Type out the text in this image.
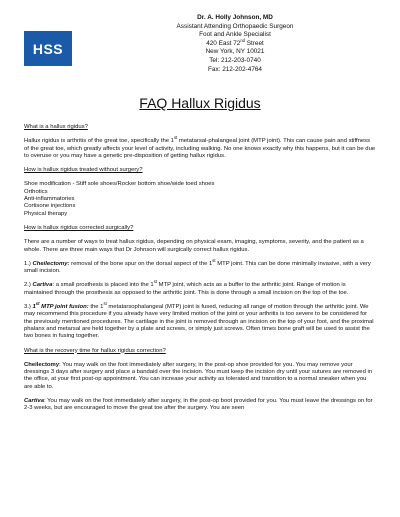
HSS
Dr. A. Holly Johnson, MD
Assistant Attending Orthopaedic Surgeon
Foot and Ankle Specialist
420 East 72nd Street
New York, NY 10021
Tel: 212-203-0740
Fax: 212-202-4764
FAQ Hallux Rigidus
What is a hallux rigidus?
Hallux rigidus is arthritis of the great toe, specifically the 1st metatarsal-phalangeal joint (MTP joint). This can cause pain and stiffness of the great toe, which greatly affects your level of activity, including walking. No one knows exactly why this happens, but it can be due to overuse or you may have a genetic pre-disposition of getting hallux rigidus.
How is hallux rigidus treated without surgery?
Shoe modification - Stiff sole shoes/Rocker bottom shoe/wide toed shoes
Orthotics
Anti-inflammatories
Cortisone injections
Physical therapy
How is hallux rigidus corrected surgically?
There are a number of ways to treat hallux rigidus, depending on physical exam, imaging, symptoms, severity, and the patient as a whole. There are three main ways that Dr Johnson will surgically correct hallux rigidus.
1.) Cheilectomy: removal of the bone spur on the dorsal aspect of the 1st MTP joint. This can be done minimally invasive, with a very small incision.
2.) Cartiva: a small prosthesis is placed into the 1st MTP joint, which acts as a buffer to the arthritic joint. Range of motion is maintained through the prosthesis as opposed to the arthritic joint. This is done through a small incision on the top of the toe.
3.) 1st MTP joint fusion: the 1st metatarsophalangeal (MTP) joint is fused, reducing all range of motion through the arthritic joint. We may recommend this procedure if you already have very limited motion of the joint or your arthritis is too severe to be considered for the previously mentioned procedures. The cartilage in the joint is removed through an incision on the top of your foot, and the proximal phalanx and metarsal are held together by a plate and screws, or simply just screws. Often times bone graft will be used to assist the two bones in fusing together.
What is the recovery time for hallux rigidus correction?
Cheilectomy: You may walk on the foot immediately after surgery, in the post-op shoe provided for you. You may remove your dressings 3 days after surgery and place a bandaid over the incision. You must keep the incision dry until your sutures are removed in the office, at your first post-op appointment. You can increase your activity as tolerated and transition to a normal sneaker when you are able to.
Cartiva: You may walk on the foot immediately after surgery, in the post-op boot provided for you. You must leave the dressings on for 2-3 weeks, but are encouraged to move the great toe after the surgery. You are seen
